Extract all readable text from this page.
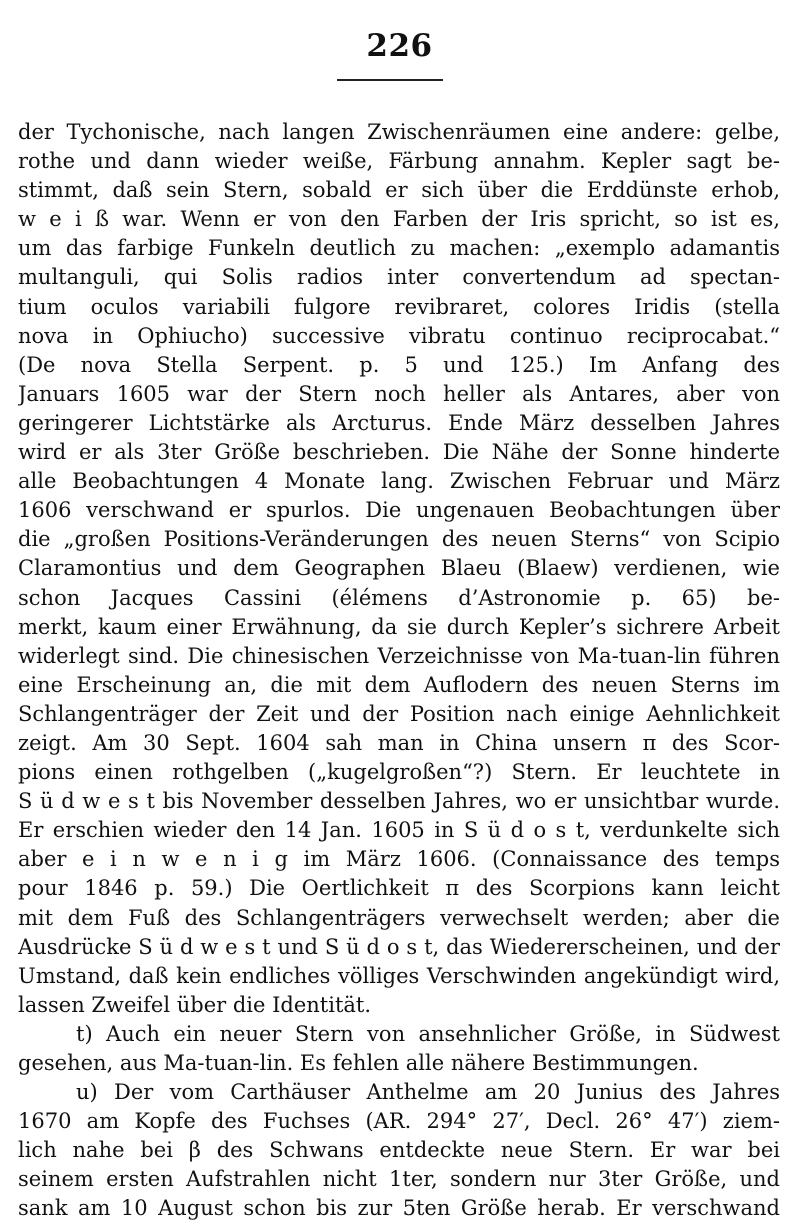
226
der Tychonische, nach langen Zwischenräumen eine andere: gelbe,
rothe und dann wieder weiße, Färbung annahm. Kepler sagt be-
stimmt, daß sein Stern, sobald er sich über die Erddünste erhob,
w e i ß war. Wenn er von den Farben der Iris spricht, so ist es,
um das farbige Funkeln deutlich zu machen: „exemplo adamantis
multanguli, qui Solis radios inter convertendum ad spectan-
tium oculos variabili fulgore revibraret, colores Iridis (stella
nova in Ophiucho) successive vibratu continuo reciprocabat.“
(De nova Stella Serpent. p. 5 und 125.) Im Anfang des
Januars 1605 war der Stern noch heller als Antares, aber von
geringerer Lichtstärke als Arcturus. Ende März desselben Jahres
wird er als 3ter Größe beschrieben. Die Nähe der Sonne hinderte
alle Beobachtungen 4 Monate lang. Zwischen Februar und März
1606 verschwand er spurlos. Die ungenauen Beobachtungen über
die „großen Positions-Veränderungen des neuen Sterns“ von Scipio
Claramontius und dem Geographen Blaeu (Blaew) verdienen, wie
schon Jacques Cassini (élémens d’Astronomie p. 65) be-
merkt, kaum einer Erwähnung, da sie durch Kepler’s sichrere Arbeit
widerlegt sind. Die chinesischen Verzeichnisse von Ma-tuan-lin führen
eine Erscheinung an, die mit dem Auflodern des neuen Sterns im
Schlangenträger der Zeit und der Position nach einige Aehnlichkeit
zeigt. Am 30 Sept. 1604 sah man in China unsern π des Scor-
pions einen rothgelben („kugelgroßen“?) Stern. Er leuchtete in
S ü d w e s t bis November desselben Jahres, wo er unsichtbar wurde.
Er erschien wieder den 14 Jan. 1605 in S ü d o s t, verdunkelte sich
aber e i n w e n i g im März 1606. (Connaissance des temps
pour 1846 p. 59.) Die Oertlichkeit π des Scorpions kann leicht
mit dem Fuß des Schlangenträgers verwechselt werden; aber die
Ausdrücke S ü d w e s t und S ü d o s t, das Wiedererscheinen, und der
Umstand, daß kein endliches völliges Verschwinden angekündigt wird,
lassen Zweifel über die Identität.
t) Auch ein neuer Stern von ansehnlicher Größe, in Südwest
gesehen, aus Ma-tuan-lin. Es fehlen alle nähere Bestimmungen.
u) Der vom Carthäuser Anthelme am 20 Junius des Jahres
1670 am Kopfe des Fuchses (AR. 294° 27′, Decl. 26° 47′) ziem-
lich nahe bei β des Schwans entdeckte neue Stern. Er war bei
seinem ersten Aufstrahlen nicht 1ter, sondern nur 3ter Größe, und
sank am 10 August schon bis zur 5ten Größe herab. Er verschwand
